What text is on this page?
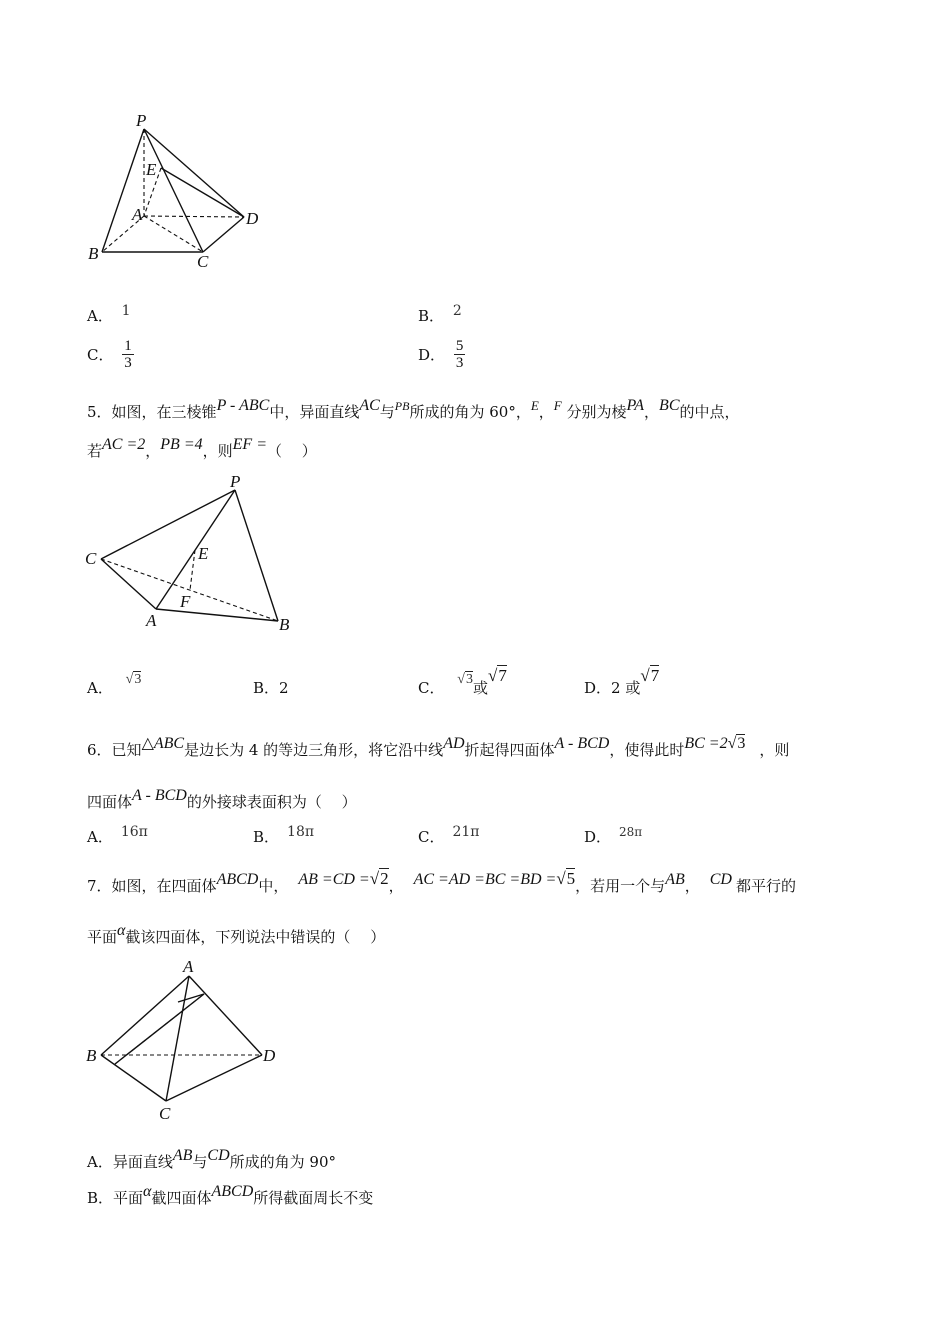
P
E
A	D
B	C
A． 1	B． 2
C． $\frac{1}{3}$	D． $\frac{5}{3}$
5．如图，在三棱锥P - ABC中，异面直线AC与$^{PB}$所成的角为 60°，E，F 分别为棱PA，BC的中点，
若AC =2，PB =4，则EF =（　 ）
P
C	E
F
A	B
A． √3	B．2	C． √3或√7
D．2 或√7
6．已知△ABC是边长为 4 的等边三角形，将它沿中线AD折起得四面体A - BCD，使得此时BC =2√3 ，则
四面体A - BCD的外接球表面积为（　 ）
A． 16π	B． 18π	C． 21π	D． $^{28\pi}$
7．如图，在四面体ABCD中， AB =CD =√2， AC =AD =BC =BD =√5，若用一个与AB， CD 都平行的
平面α截该四面体，下列说法中错误的（　 ）
A
B
C
D
A．异面直线AB与CD所成的角为 90°
B．平面α截四面体ABCD所得截面周长不变
